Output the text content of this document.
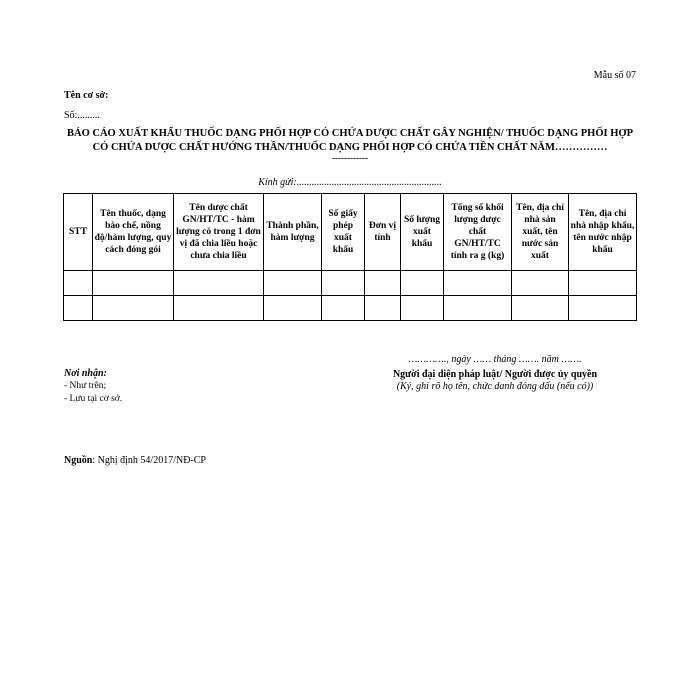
Mẫu số 07
Tên cơ sở:
Số:.........
BÁO CÁO XUẤT KHẨU THUỐC DẠNG PHỐI HỢP CÓ CHỨA DƯỢC CHẤT GÂY NGHIỆN/ THUỐC DẠNG PHỐI HỢP CÓ CHỨA DƯỢC CHẤT HƯỚNG THẦN/THUỐC DẠNG PHỐI HỢP CÓ CHỨA TIỀN CHẤT NĂM……………
------------
Kính gửi:..........................................................
STT	Tên thuốc, dạng bào chế, nồng độ/hàm lượng, quy cách đóng gói	Tên dược chất GN/HT/TC - hàm lượng có trong 1 đơn vị đã chia liều hoặc chưa chia liều	Thành phần, hàm lượng	Số giấy phép xuất khẩu	Đơn vị tính	Số lượng xuất khẩu	Tổng số khối lượng dược chất GN/HT/TC tính ra g (kg)	Tên, địa chỉ nhà sản xuất, tên nước sản xuất	Tên, địa chỉ nhà nhập khẩu, tên nước nhập khẩu

…………., ngày …… tháng ……. năm …….
Nơi nhận:
- Như trên;
- Lưu tại cơ sở.
Người đại diện pháp luật/ Người được ủy quyền
(Ký, ghi rõ họ tên, chức danh đóng dấu (nếu có))
Nguồn: Nghị định 54/2017/NĐ-CP
